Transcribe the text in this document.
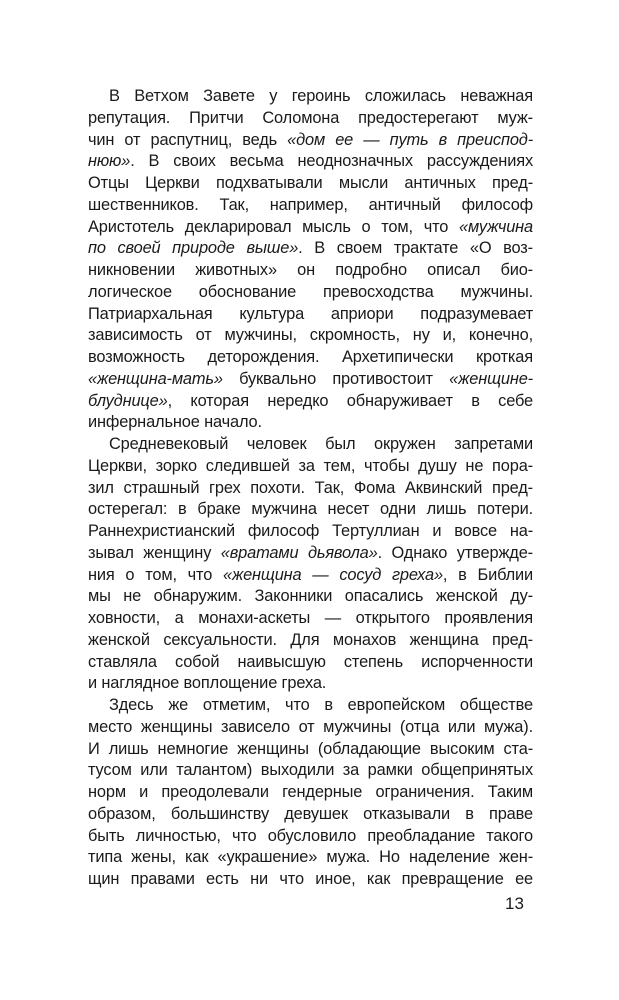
В Ветхом Завете у героинь сложилась неважная
репутация. Притчи Соломона предостерегают муж-
чин от распутниц, ведь «дом ее — путь в преиспод-
нюю». В своих весьма неоднозначных рассуждениях
Отцы Церкви подхватывали мысли античных пред-
шественников. Так, например, античный философ
Аристотель декларировал мысль о том, что «мужчина
по своей природе выше». В своем трактате «О воз-
никновении животных» он подробно описал био-
логическое обоснование превосходства мужчины.
Патриархальная культура априори подразумевает
зависимость от мужчины, скромность, ну и, конечно,
возможность деторождения. Архетипически кроткая
«женщина-мать» буквально противостоит «женщине-
блуднице», которая нередко обнаруживает в себе
инфернальное начало.
Средневековый человек был окружен запретами
Церкви, зорко следившей за тем, чтобы душу не пора-
зил страшный грех похоти. Так, Фома Аквинский пред-
остерегал: в браке мужчина несет одни лишь потери.
Раннехристианский философ Тертуллиан и вовсе на-
зывал женщину «вратами дьявола». Однако утвержде-
ния о том, что «женщина — сосуд греха», в Библии
мы не обнаружим. Законники опасались женской ду-
ховности, а монахи-аскеты — открытого проявления
женской сексуальности. Для монахов женщина пред-
ставляла собой наивысшую степень испорченности
и наглядное воплощение греха.
Здесь же отметим, что в европейском обществе
место женщины зависело от мужчины (отца или мужа).
И лишь немногие женщины (обладающие высоким ста-
тусом или талантом) выходили за рамки общепринятых
норм и преодолевали гендерные ограничения. Таким
образом, большинству девушек отказывали в праве
быть личностью, что обусловило преобладание такого
типа жены, как «украшение» мужа. Но наделение жен-
щин правами есть ни что иное, как превращение ее
13
